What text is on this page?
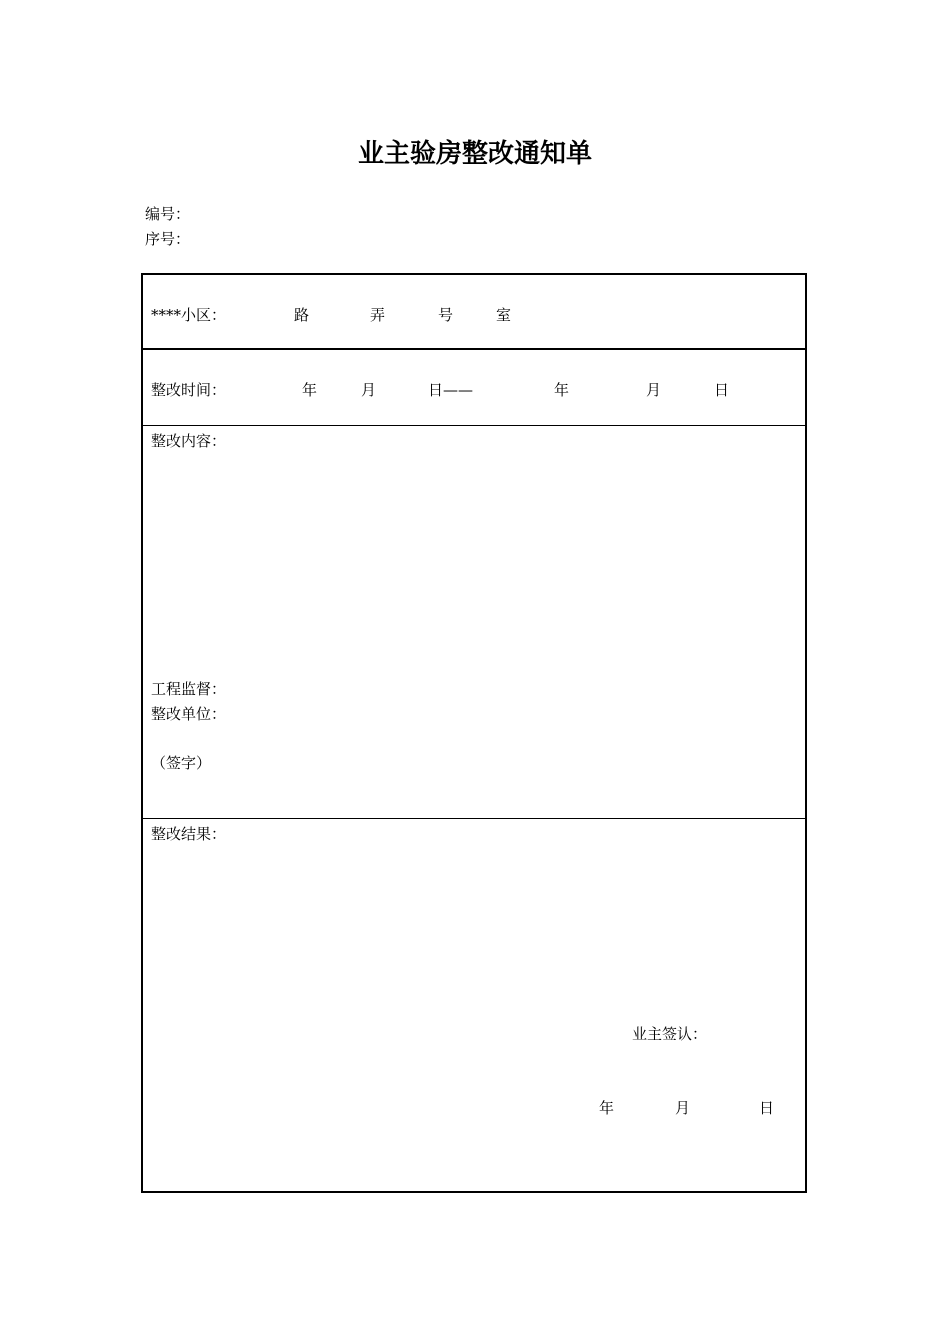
业主验房整改通知单
编号：
序号：
****小区：	路	弄	号	室
整改时间：	年	月	日——	年	月	日
整改内容：
工程监督：
整改单位：
（签字）
整改结果：
业主签认：
年	月	日
